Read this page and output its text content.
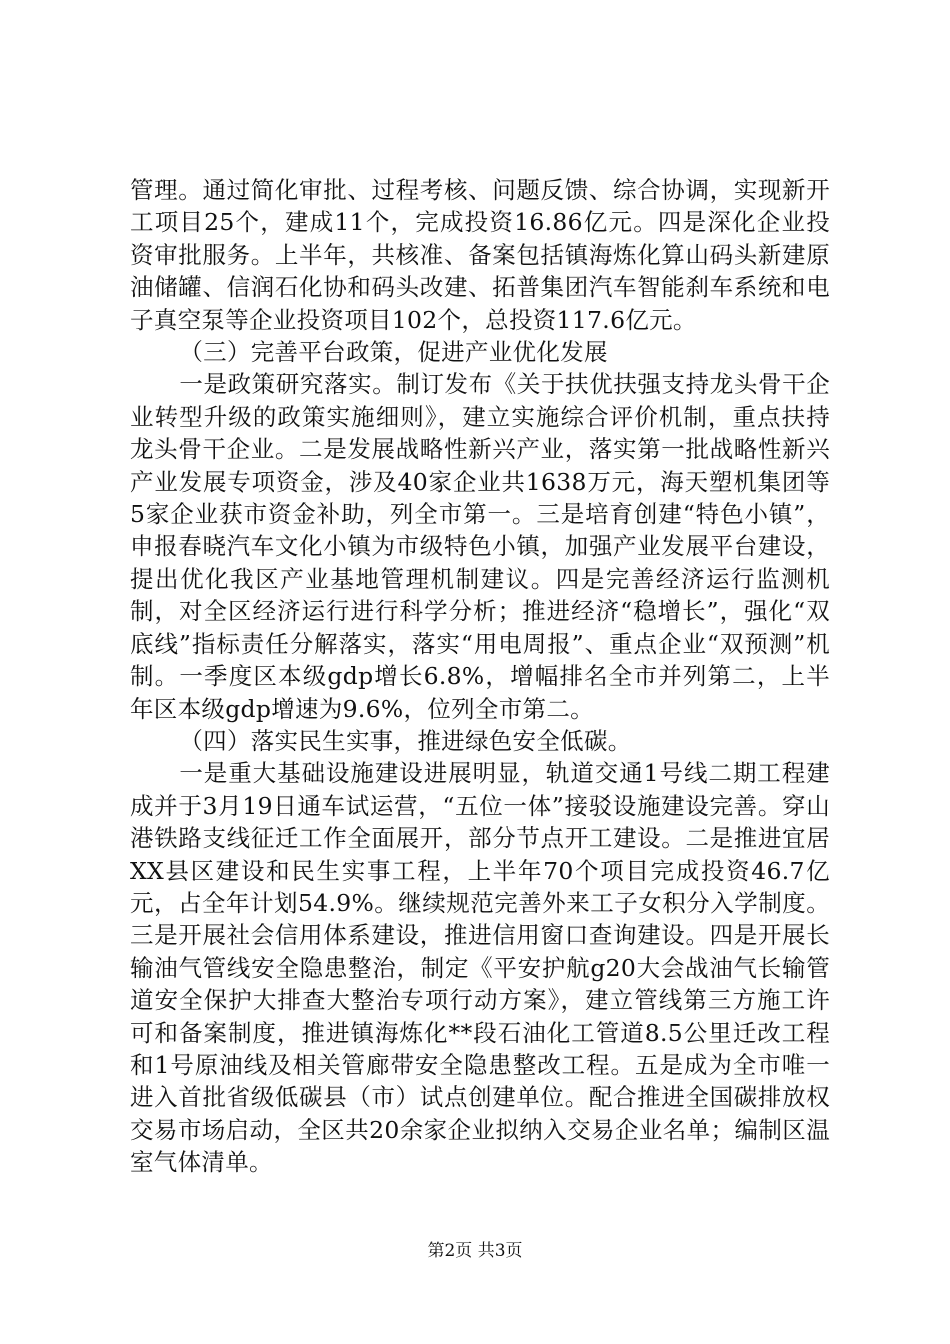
管理。通过简化审批、过程考核、问题反馈、综合协调，实现新开工项目25个，建成11个，完成投资16.86亿元。四是深化企业投资审批服务。上半年，共核准、备案包括镇海炼化算山码头新建原油储罐、信润石化协和码头改建、拓普集团汽车智能刹车系统和电子真空泵等企业投资项目102个，总投资117.6亿元。

（三）完善平台政策，促进产业优化发展

一是政策研究落实。制订发布《关于扶优扶强支持龙头骨干企业转型升级的政策实施细则》，建立实施综合评价机制，重点扶持龙头骨干企业。二是发展战略性新兴产业，落实第一批战略性新兴产业发展专项资金，涉及40家企业共1638万元，海天塑机集团等5家企业获市资金补助，列全市第一。三是培育创建“特色小镇”，申报春晓汽车文化小镇为市级特色小镇，加强产业发展平台建设，提出优化我区产业基地管理机制建议。四是完善经济运行监测机制，对全区经济运行进行科学分析；推进经济“稳增长”，强化“双底线”指标责任分解落实，落实“用电周报”、重点企业“双预测”机制。一季度区本级gdp增长6.8%，增幅排名全市并列第二，上半年区本级gdp增速为9.6%，位列全市第二。

（四）落实民生实事，推进绿色安全低碳。

一是重大基础设施建设进展明显，轨道交通1号线二期工程建成并于3月19日通车试运营，“五位一体”接驳设施建设完善。穿山港铁路支线征迁工作全面展开，部分节点开工建设。二是推进宜居XX县区建设和民生实事工程，上半年70个项目完成投资46.7亿元，占全年计划54.9%。继续规范完善外来工子女积分入学制度。三是开展社会信用体系建设，推进信用窗口查询建设。四是开展长输油气管线安全隐患整治，制定《平安护航g20大会战油气长输管道安全保护大排查大整治专项行动方案》，建立管线第三方施工许可和备案制度，推进镇海炼化**段石油化工管道8.5公里迁改工程和1号原油线及相关管廊带安全隐患整改工程。五是成为全市唯一进入首批省级低碳县（市）试点创建单位。配合推进全国碳排放权交易市场启动，全区共20余家企业拟纳入交易企业名单；编制区温室气体清单。

第2页 共3页
